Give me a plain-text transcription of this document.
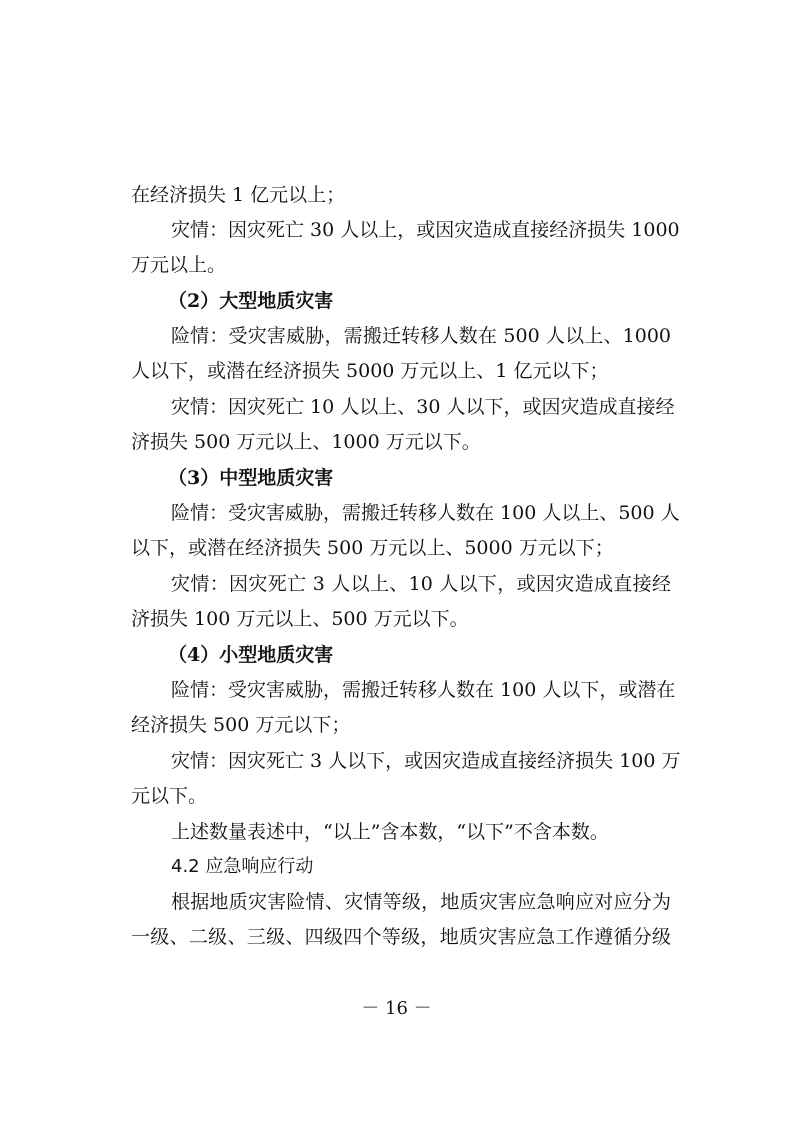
在经济损失 1 亿元以上；
灾情：因灾死亡 30 人以上，或因灾造成直接经济损失 1000
万元以上。
（2）大型地质灾害
险情：受灾害威胁，需搬迁转移人数在 500 人以上、1000
人以下，或潜在经济损失 5000 万元以上、1 亿元以下；
灾情：因灾死亡 10 人以上、30 人以下，或因灾造成直接经
济损失 500 万元以上、1000 万元以下。
（3）中型地质灾害
险情：受灾害威胁，需搬迁转移人数在 100 人以上、500 人
以下，或潜在经济损失 500 万元以上、5000 万元以下；
灾情：因灾死亡 3 人以上、10 人以下，或因灾造成直接经
济损失 100 万元以上、500 万元以下。
（4）小型地质灾害
险情：受灾害威胁，需搬迁转移人数在 100 人以下，或潜在
经济损失 500 万元以下；
灾情：因灾死亡 3 人以下，或因灾造成直接经济损失 100 万
元以下。
上述数量表述中，“以上”含本数，“以下”不含本数。
4.2 应急响应行动
根据地质灾害险情、灾情等级，地质灾害应急响应对应分为
一级、二级、三级、四级四个等级，地质灾害应急工作遵循分级
－ 16 －
